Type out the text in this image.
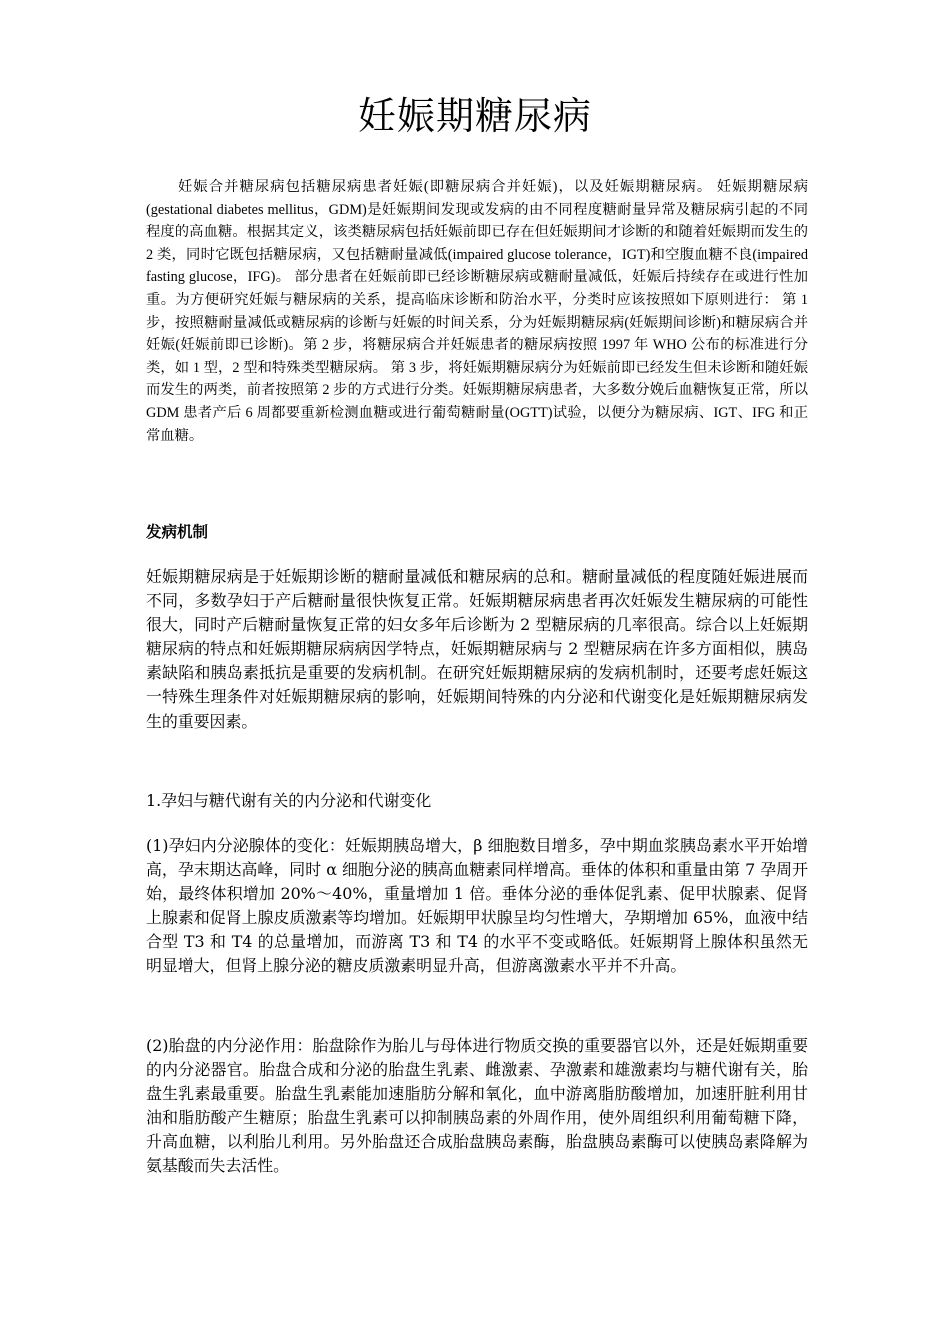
妊娠期糖尿病

妊娠合并糖尿病包括糖尿病患者妊娠(即糖尿病合并妊娠)，以及妊娠期糖尿病。 妊娠期糖尿病(gestational diabetes mellitus，GDM)是妊娠期间发现或发病的由不同程度糖耐量异常及糖尿病引起的不同程度的高血糖。根据其定义，该类糖尿病包括妊娠前即已存在但妊娠期间才诊断的和随着妊娠期而发生的 2 类，同时它既包括糖尿病，又包括糖耐量减低(impaired glucose tolerance，IGT)和空腹血糖不良(impaired fasting glucose，IFG)。 部分患者在妊娠前即已经诊断糖尿病或糖耐量减低，妊娠后持续存在或进行性加重。为方便研究妊娠与糖尿病的关系，提高临床诊断和防治水平，分类时应该按照如下原则进行： 第 1 步，按照糖耐量减低或糖尿病的诊断与妊娠的时间关系，分为妊娠期糖尿病(妊娠期间诊断)和糖尿病合并妊娠(妊娠前即已诊断)。第 2 步，将糖尿病合并妊娠患者的糖尿病按照 1997 年 WHO 公布的标准进行分类，如 1 型，2 型和特殊类型糖尿病。 第 3 步，将妊娠期糖尿病分为妊娠前即已经发生但未诊断和随妊娠而发生的两类，前者按照第 2 步的方式进行分类。妊娠期糖尿病患者，大多数分娩后血糖恢复正常，所以 GDM 患者产后 6 周都要重新检测血糖或进行葡萄糖耐量(OGTT)试验，以便分为糖尿病、IGT、IFG 和正常血糖。

发病机制

妊娠期糖尿病是于妊娠期诊断的糖耐量减低和糖尿病的总和。糖耐量减低的程度随妊娠进展而不同，多数孕妇于产后糖耐量很快恢复正常。妊娠期糖尿病患者再次妊娠发生糖尿病的可能性很大，同时产后糖耐量恢复正常的妇女多年后诊断为 2 型糖尿病的几率很高。综合以上妊娠期糖尿病的特点和妊娠期糖尿病病因学特点，妊娠期糖尿病与 2 型糖尿病在许多方面相似，胰岛素缺陷和胰岛素抵抗是重要的发病机制。在研究妊娠期糖尿病的发病机制时，还要考虑妊娠这一特殊生理条件对妊娠期糖尿病的影响，妊娠期间特殊的内分泌和代谢变化是妊娠期糖尿病发生的重要因素。

1.孕妇与糖代谢有关的内分泌和代谢变化

(1)孕妇内分泌腺体的变化：妊娠期胰岛增大，β 细胞数目增多，孕中期血浆胰岛素水平开始增高，孕末期达高峰，同时 α 细胞分泌的胰高血糖素同样增高。垂体的体积和重量由第 7 孕周开始，最终体积增加 20%～40%，重量增加 1 倍。垂体分泌的垂体促乳素、促甲状腺素、促肾上腺素和促肾上腺皮质激素等均增加。妊娠期甲状腺呈均匀性增大，孕期增加 65%，血液中结合型 T3 和 T4 的总量增加，而游离 T3 和 T4 的水平不变或略低。妊娠期肾上腺体积虽然无明显增大，但肾上腺分泌的糖皮质激素明显升高，但游离激素水平并不升高。

(2)胎盘的内分泌作用：胎盘除作为胎儿与母体进行物质交换的重要器官以外，还是妊娠期重要的内分泌器官。胎盘合成和分泌的胎盘生乳素、雌激素、孕激素和雄激素均与糖代谢有关，胎盘生乳素最重要。胎盘生乳素能加速脂肪分解和氧化，血中游离脂肪酸增加，加速肝脏利用甘油和脂肪酸产生糖原；胎盘生乳素可以抑制胰岛素的外周作用，使外周组织利用葡萄糖下降，升高血糖，以利胎儿利用。另外胎盘还合成胎盘胰岛素酶，胎盘胰岛素酶可以使胰岛素降解为氨基酸而失去活性。
